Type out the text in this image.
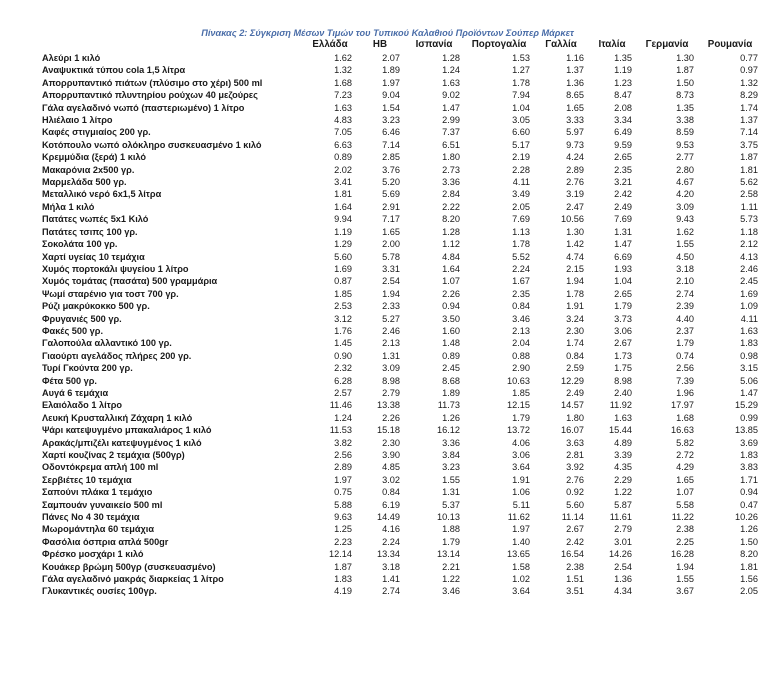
Πίνακας 2: Σύγκριση Μέσων Τιμών του Τυπικού Καλαθιού Προϊόντων Σούπερ Μάρκετ
	Ελλάδα	HB	Ισπανία	Πορτογαλία	Γαλλία	Ιταλία	Γερμανία	Ρουμανία
Αλεύρι 1 κιλό	1.62	2.07	1.28	1.53	1.16	1.35	1.30	0.77
Αναψυκτικά τύπου cola 1,5 λίτρα	1.32	1.89	1.24	1.27	1.37	1.19	1.87	0.97
Απορρυπαντικό πιάτων (πλύσιμο στο χέρι) 500 ml	1.68	1.97	1.63	1.78	1.36	1.23	1.50	1.32
Απορρυπαντικό πλυντηρίου ρούχων 40 μεζούρες	7.23	9.04	9.02	7.94	8.65	8.47	8.73	8.29
Γάλα αγελαδινό νωπό (παστεριωμένο) 1 λίτρο	1.63	1.54	1.47	1.04	1.65	2.08	1.35	1.74
Ηλιέλαιο 1 λίτρο	4.83	3.23	2.99	3.05	3.33	3.34	3.38	1.37
Καφές στιγμιαίος 200 γρ.	7.05	6.46	7.37	6.60	5.97	6.49	8.59	7.14
Κοτόπουλο νωπό ολόκληρο συσκευασμένο 1 κιλό	6.63	7.14	6.51	5.17	9.73	9.59	9.53	3.75
Κρεμμύδια (ξερά) 1 κιλό	0.89	2.85	1.80	2.19	4.24	2.65	2.77	1.87
Μακαρόνια 2x500 γρ.	2.02	3.76	2.73	2.28	2.89	2.35	2.80	1.81
Μαρμελάδα 500 γρ.	3.41	5.20	3.36	4.11	2.76	3.21	4.67	5.62
Μεταλλικό νερό 6x1,5 λίτρα	1.81	5.69	2.84	3.49	3.19	2.42	4.20	2.58
Μήλα 1 κιλό	1.64	2.91	2.22	2.05	2.47	2.49	3.09	1.11
Πατάτες νωπές 5x1 Κιλό	9.94	7.17	8.20	7.69	10.56	7.69	9.43	5.73
Πατάτες τσιπς 100 γρ.	1.19	1.65	1.28	1.13	1.30	1.31	1.62	1.18
Σοκολάτα 100 γρ.	1.29	2.00	1.12	1.78	1.42	1.47	1.55	2.12
Χαρτί υγείας 10 τεμάχια	5.60	5.78	4.84	5.52	4.74	6.69	4.50	4.13
Χυμός πορτοκάλι ψυγείου 1 λίτρο	1.69	3.31	1.64	2.24	2.15	1.93	3.18	2.46
Χυμός τομάτας (πασάτα) 500 γραμμάρια	0.87	2.54	1.07	1.67	1.94	1.04	2.10	2.45
Ψωμί σταρένιο για τοστ 700 γρ.	1.85	1.94	2.26	2.35	1.78	2.65	2.74	1.69
Ρύζι μακρύκοκκο 500 γρ.	2.53	2.33	0.94	0.84	1.91	1.79	2.39	1.09
Φρυγανιές 500 γρ.	3.12	5.27	3.50	3.46	3.24	3.73	4.40	4.11
Φακές 500 γρ.	1.76	2.46	1.60	2.13	2.30	3.06	2.37	1.63
Γαλοπούλα αλλαντικό 100 γρ.	1.45	2.13	1.48	2.04	1.74	2.67	1.79	1.83
Γιαούρτι αγελάδος πλήρες 200 γρ.	0.90	1.31	0.89	0.88	0.84	1.73	0.74	0.98
Τυρί Γκούντα 200 γρ.	2.32	3.09	2.45	2.90	2.59	1.75	2.56	3.15
Φέτα 500 γρ.	6.28	8.98	8.68	10.63	12.29	8.98	7.39	5.06
Αυγά 6 τεμάχια	2.57	2.79	1.89	1.85	2.49	2.40	1.96	1.47
Ελαιόλαδο 1 λίτρο	11.46	13.38	11.73	12.15	14.57	11.92	17.97	15.29
Λευκή Κρυσταλλική Ζάχαρη 1 κιλό	1.24	2.26	1.26	1.79	1.80	1.63	1.68	0.99
Ψάρι κατεψυγμένο μπακαλιάρος 1 κιλό	11.53	15.18	16.12	13.72	16.07	15.44	16.63	13.85
Αρακάς/μπιζέλι κατεψυγμένος 1 κιλό	3.82	2.30	3.36	4.06	3.63	4.89	5.82	3.69
Χαρτί κουζίνας 2 τεμάχια (500γρ)	2.56	3.90	3.84	3.06	2.81	3.39	2.72	1.83
Οδοντόκρεμα απλή 100 ml	2.89	4.85	3.23	3.64	3.92	4.35	4.29	3.83
Σερβιέτες 10 τεμάχια	1.97	3.02	1.55	1.91	2.76	2.29	1.65	1.71
Σαπούνι πλάκα 1 τεμάχιο	0.75	0.84	1.31	1.06	0.92	1.22	1.07	0.94
Σαμπουάν γυναικείο 500 ml	5.88	6.19	5.37	5.11	5.60	5.87	5.58	0.47
Πάνες Νο 4 30 τεμάχια	9.63	14.49	10.13	11.62	11.14	11.61	11.22	10.26
Μωρομάντηλα 60 τεμάχια	1.25	4.16	1.88	1.97	2.67	2.79	2.38	1.26
Φασόλια όσπρια απλά 500gr	2.23	2.24	1.79	1.40	2.42	3.01	2.25	1.50
Φρέσκο μοσχάρι 1 κιλό	12.14	13.34	13.14	13.65	16.54	14.26	16.28	8.20
Κουάκερ βρώμη 500γρ (συσκευασμένο)	1.87	3.18	2.21	1.58	2.38	2.54	1.94	1.81
Γάλα αγελαδινό μακράς διαρκείας 1 λίτρο	1.83	1.41	1.22	1.02	1.51	1.36	1.55	1.56
Γλυκαντικές ουσίες 100γρ.	4.19	2.74	3.46	3.64	3.51	4.34	3.67	2.05
